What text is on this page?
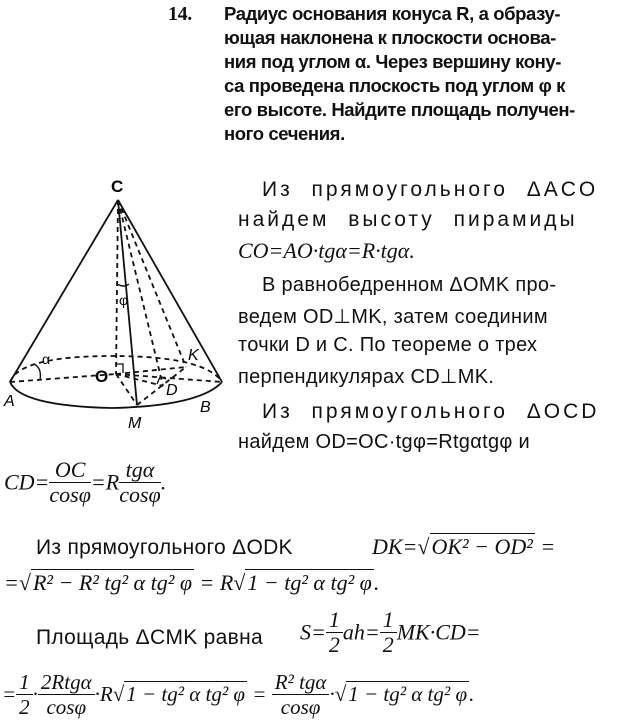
14. Радиус основания конуса R, а образу-
ющая наклонена к плоскости основа-
ния под углом α. Через вершину кону-
са проведена плоскость под углом φ к
его высоте. Найдите площадь получен-
ного сечения.
C
O
A	B
M
K
D
α
φ
Из прямоугольного ΔACO
найдем высоту пирамиды
CO=AO·tgα=R·tgα.
В равнобедренном ΔOMK про-
ведем OD⊥MK, затем соединим
точки D и C. По теореме о трех
перпендикулярах CD⊥MK.
Из прямоугольного ΔOCD
найдем OD=OC·tgφ=Rtgαtgφ и
$CD= \frac{OC}{\cos\varphi} =R \frac{\text{tgα}}{\cos\varphi}$ .
Из прямоугольного ΔODK	DK=√OK² − OD² =
=√R² − R² tg² α tg² φ = R√1 − tg² α tg² φ.
Площадь ΔCMK равна $S= \frac{1}{2} ah= \frac{1}{2} MK\cdot CD=$
= $\frac{1}{2} \cdot \frac{\text{2Rtgα}}{\cos\varphi} \cdot R√1 - tg^2$ α tg² $\varphi = \frac{\text{R² tgα}}{\cos\varphi} \cdot√1 - tg^2$ α tg² φ.
